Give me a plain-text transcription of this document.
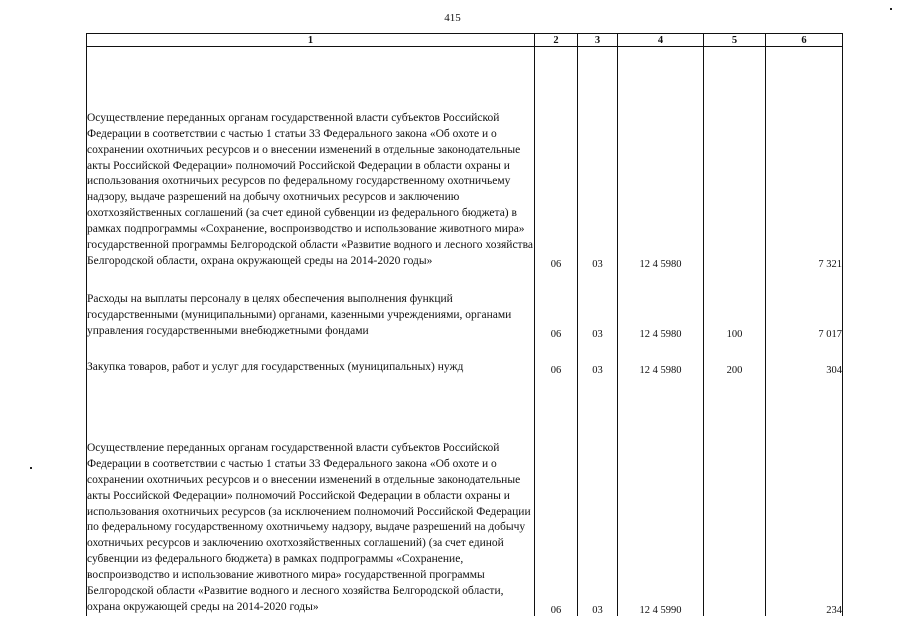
415
1	2	3	4	5	6
Осуществление переданных органам государственной власти субъектов Российской Федерации в соответствии с частью 1 статьи 33 Федерального закона «Об охоте и о сохранении охотничьих ресурсов и о внесении изменений в отдельные законодательные акты Российской Федерации» полномочий Российской Федерации в области охраны и использования охотничьих ресурсов по федеральному государственному охотничьему надзору, выдаче разрешений на добычу охотничьих ресурсов и заключению охотхозяйственных соглашений (за счет единой субвенции из федерального бюджета) в рамках подпрограммы «Сохранение, воспроизводство и использование животного мира» государственной программы Белгородской области «Развитие водного и лесного хозяйства Белгородской области, охрана окружающей среды на 2014-2020 годы»	06	03	12 4 5980		7 321
Расходы на выплаты персоналу в целях обеспечения выполнения функций государственными (муниципальными) органами, казенными учреждениями, органами управления государственными внебюджетными фондами	06	03	12 4 5980	100	7 017
Закупка товаров, работ и услуг для государственных (муниципальных) нужд	06	03	12 4 5980	200	304
Осуществление переданных органам государственной власти субъектов Российской Федерации в соответствии с частью 1 статьи 33 Федерального закона «Об охоте и о сохранении охотничьих ресурсов и о внесении изменений в отдельные законодательные акты Российской Федерации» полномочий Российской Федерации в области охраны и использования охотничьих ресурсов (за исключением полномочий Российской Федерации по федеральному государственному охотничьему надзору, выдаче разрешений на добычу охотничьих ресурсов и заключению охотхозяйственных соглашений) (за счет единой субвенции из федерального бюджета) в рамках подпрограммы «Сохранение, воспроизводство и использование животного мира» государственной программы Белгородской области «Развитие водного и лесного хозяйства Белгородской области, охрана окружающей среды на 2014-2020 годы»	06	03	12 4 5990		234
